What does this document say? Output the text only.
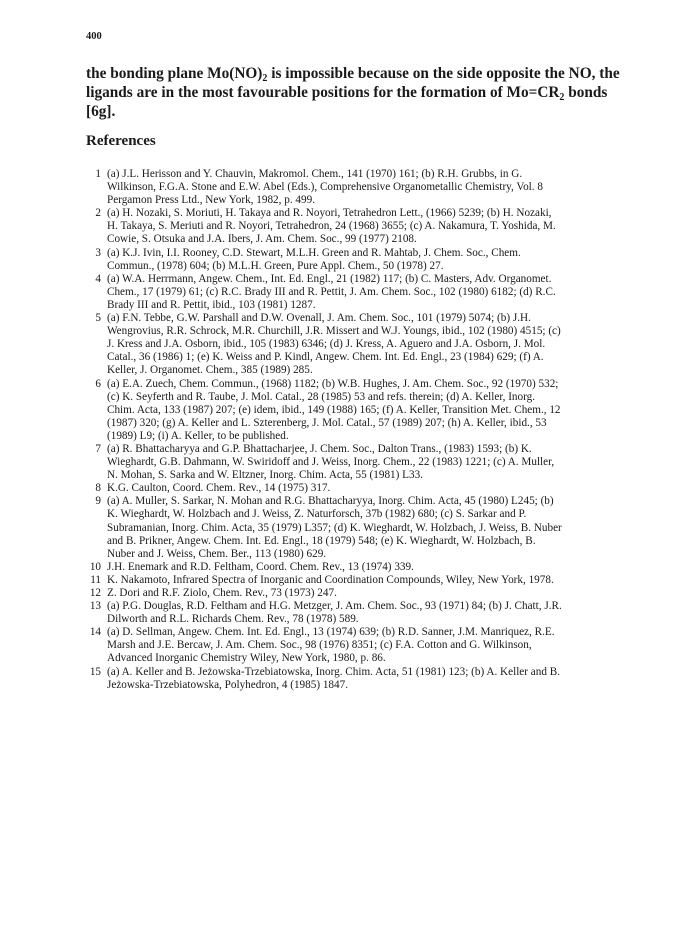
400
the bonding plane $Mo(NO)_2$ is impossible because on the side opposite the NO, the
ligands are in the most favourable positions for the formation of $Mo=CR_2$ bonds
[6g].
References
1 (a) J.L. Herisson and Y. Chauvin, Makromol. Chem., 141 (1970) 161; (b) R.H. Grubbs, in G.
Wilkinson, F.G.A. Stone and E.W. Abel (Eds.), Comprehensive Organometallic Chemistry, Vol. 8
Pergamon Press Ltd., New York, 1982, p. 499.
2 (a) H. Nozaki, S. Moriuti, H. Takaya and R. Noyori, Tetrahedron Lett., (1966) 5239; (b) H. Nozaki,
H. Takaya, S. Meriuti and R. Noyori, Tetrahedron, 24 (1968) 3655; (c) A. Nakamura, T. Yoshida, M.
Cowie, S. Otsuka and J.A. Ibers, J. Am. Chem. Soc., 99 (1977) 2108.
3 (a) K.J. Ivin, I.I. Rooney, C.D. Stewart, M.L.H. Green and R. Mahtab, J. Chem. Soc., Chem.
Commun., (1978) 604; (b) M.L.H. Green, Pure Appl. Chem., 50 (1978) 27.
4 (a) W.A. Herrmann, Angew. Chem., Int. Ed. Engl., 21 (1982) 117; (b) C. Masters, Adv. Organomet.
Chem., 17 (1979) 61; (c) R.C. Brady III and R. Pettit, J. Am. Chem. Soc., 102 (1980) 6182; (d) R.C.
Brady III and R. Pettit, ibid., 103 (1981) 1287.
5 (a) F.N. Tebbe, G.W. Parshall and D.W. Ovenall, J. Am. Chem. Soc., 101 (1979) 5074; (b) J.H.
Wengrovius, R.R. Schrock, M.R. Churchill, J.R. Missert and W.J. Youngs, ibid., 102 (1980) 4515; (c)
J. Kress and J.A. Osborn, ibid., 105 (1983) 6346; (d) J. Kress, A. Aguero and J.A. Osborn, J. Mol.
Catal., 36 (1986) 1; (e) K. Weiss and P. Kindl, Angew. Chem. Int. Ed. Engl., 23 (1984) 629; (f) A.
Keller, J. Organomet. Chem., 385 (1989) 285.
6 (a) E.A. Zuech, Chem. Commun., (1968) 1182; (b) W.B. Hughes, J. Am. Chem. Soc., 92 (1970) 532;
(c) K. Seyferth and R. Taube, J. Mol. Catal., 28 (1985) 53 and refs. therein; (d) A. Keller, Inorg.
Chim. Acta, 133 (1987) 207; (e) idem, ibid., 149 (1988) 165; (f) A. Keller, Transition Met. Chem., 12
(1987) 320; (g) A. Keller and L. Szterenberg, J. Mol. Catal., 57 (1989) 207; (h) A. Keller, ibid., 53
(1989) L9; (i) A. Keller, to be published.
7 (a) R. Bhattacharyya and G.P. Bhattacharjee, J. Chem. Soc., Dalton Trans., (1983) 1593; (b) K.
Wieghardt, G.B. Dahmann, W. Swiridoff and J. Weiss, Inorg. Chem., 22 (1983) 1221; (c) A. Muller,
N. Mohan, S. Sarka and W. Eltzner, Inorg. Chim. Acta, 55 (1981) L33.
8 K.G. Caulton, Coord. Chem. Rev., 14 (1975) 317.
9 (a) A. Muller, S. Sarkar, N. Mohan and R.G. Bhattacharyya, Inorg. Chim. Acta, 45 (1980) L245; (b)
K. Wieghardt, W. Holzbach and J. Weiss, Z. Naturforsch, 37b (1982) 680; (c) S. Sarkar and P.
Subramanian, Inorg. Chim. Acta, 35 (1979) L357; (d) K. Wieghardt, W. Holzbach, J. Weiss, B. Nuber
and B. Prikner, Angew. Chem. Int. Ed. Engl., 18 (1979) 548; (e) K. Wieghardt, W. Holzbach, B.
Nuber and J. Weiss, Chem. Ber., 113 (1980) 629.
10 J.H. Enemark and R.D. Feltham, Coord. Chem. Rev., 13 (1974) 339.
11 K. Nakamoto, Infrared Spectra of Inorganic and Coordination Compounds, Wiley, New York, 1978.
12 Z. Dori and R.F. Ziolo, Chem. Rev., 73 (1973) 247.
13 (a) P.G. Douglas, R.D. Feltham and H.G. Metzger, J. Am. Chem. Soc., 93 (1971) 84; (b) J. Chatt, J.R.
Dilworth and R.L. Richards Chem. Rev., 78 (1978) 589.
14 (a) D. Sellman, Angew. Chem. Int. Ed. Engl., 13 (1974) 639; (b) R.D. Sanner, J.M. Manriquez, R.E.
Marsh and J.E. Bercaw, J. Am. Chem. Soc., 98 (1976) 8351; (c) F.A. Cotton and G. Wilkinson,
Advanced Inorganic Chemistry Wiley, New York, 1980, p. 86.
15 (a) A. Keller and B. Jeżowska-Trzebiatowska, Inorg. Chim. Acta, 51 (1981) 123; (b) A. Keller and B.
Jeżowska-Trzebiatowska, Polyhedron, 4 (1985) 1847.
